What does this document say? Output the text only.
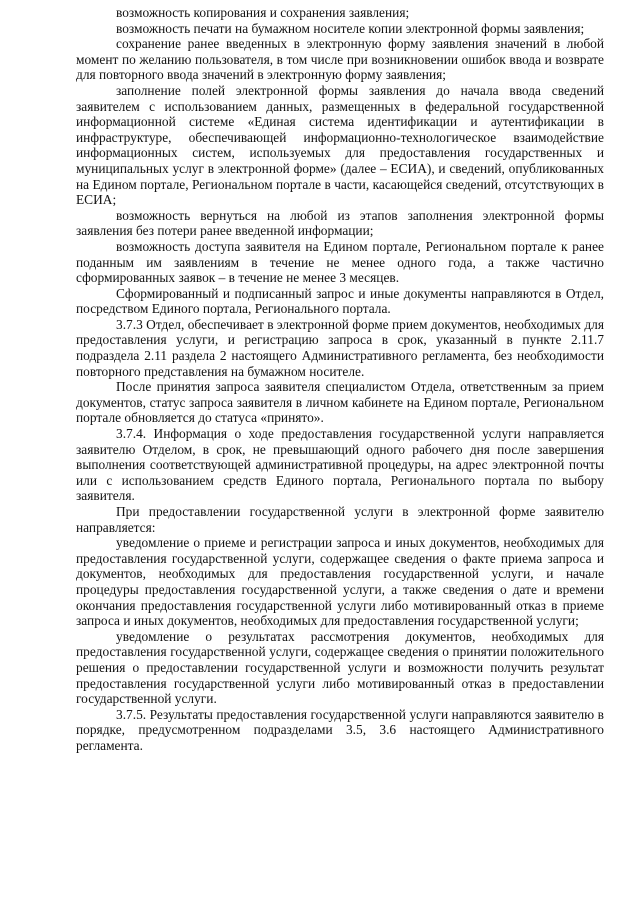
возможность копирования и сохранения заявления;

возможность печати на бумажном носителе копии электронной формы заявления;

сохранение ранее введенных в электронную форму заявления значений в любой момент по желанию пользователя, в том числе при возникновении ошибок ввода и возврате для повторного ввода значений в электронную форму заявления;

заполнение полей электронной формы заявления до начала ввода сведений заявителем с использованием данных, размещенных в федеральной государственной информационной системе «Единая система идентификации и аутентификации в инфраструктуре, обеспечивающей информационно-технологическое взаимодействие информационных систем, используемых для предоставления государственных и муниципальных услуг в электронной форме» (далее – ЕСИА), и сведений, опубликованных на Едином портале, Региональном портале в части, касающейся сведений, отсутствующих в ЕСИА;

возможность вернуться на любой из этапов заполнения электронной формы заявления без потери ранее введенной информации;

возможность доступа заявителя на Едином портале, Региональном портале к ранее поданным им заявлениям в течение не менее одного года, а также частично сформированных заявок – в течение не менее 3 месяцев.

Сформированный и подписанный запрос и иные документы направляются в Отдел, посредством Единого портала, Регионального портала.

3.7.3 Отдел, обеспечивает в электронной форме прием документов, необходимых для предоставления услуги, и регистрацию запроса в срок, указанный в пункте 2.11.7 подраздела 2.11 раздела 2 настоящего Административного регламента, без необходимости повторного представления на бумажном носителе.

После принятия запроса заявителя специалистом Отдела, ответственным за прием документов, статус запроса заявителя в личном кабинете на Едином портале, Региональном портале обновляется до статуса «принято».

3.7.4. Информация о ходе предоставления государственной услуги направляется заявителю Отделом, в срок, не превышающий одного рабочего дня после завершения выполнения соответствующей административной процедуры, на адрес электронной почты или с использованием средств Единого портала, Регионального портала по выбору заявителя.

При предоставлении государственной услуги в электронной форме заявителю направляется:

уведомление о приеме и регистрации запроса и иных документов, необходимых для предоставления государственной услуги, содержащее сведения о факте приема запроса и документов, необходимых для предоставления государственной услуги, и начале процедуры предоставления государственной услуги, а также сведения о дате и времени окончания предоставления государственной услуги либо мотивированный отказ в приеме запроса и иных документов, необходимых для предоставления государственной услуги;

уведомление о результатах рассмотрения документов, необходимых для предоставления государственной услуги, содержащее сведения о принятии положительного решения о предоставлении государственной услуги и возможности получить результат предоставления государственной услуги либо мотивированный отказ в предоставлении государственной услуги.

3.7.5. Результаты предоставления государственной услуги направляются заявителю в порядке, предусмотренном подразделами 3.5, 3.6 настоящего Административного регламента.
